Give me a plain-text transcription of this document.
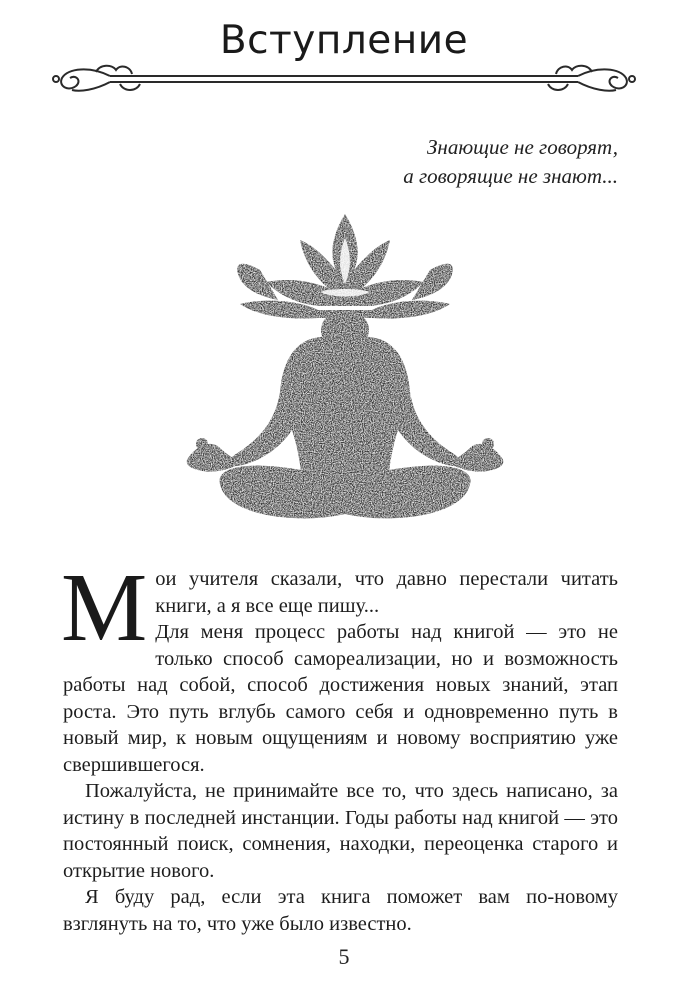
Вступление
Знающие не говорят,
а говорящие не знают...

Мои учителя сказали, что давно перестали читать книги, а я все еще пишу...
Для меня процесс работы над книгой — это не только способ самореализации, но и возможность работы над собой, способ достижения новых знаний, этап роста. Это путь вглубь самого себя и одновременно путь в новый мир, к новым ощущениям и новому восприятию уже свершившегося.

Пожалуйста, не принимайте все то, что здесь написано, за истину в последней инстанции. Годы работы над книгой — это постоянный поиск, сомнения, находки, переоценка старого и открытие нового.

Я буду рад, если эта книга поможет вам по-новому взглянуть на то, что уже было известно.

5
